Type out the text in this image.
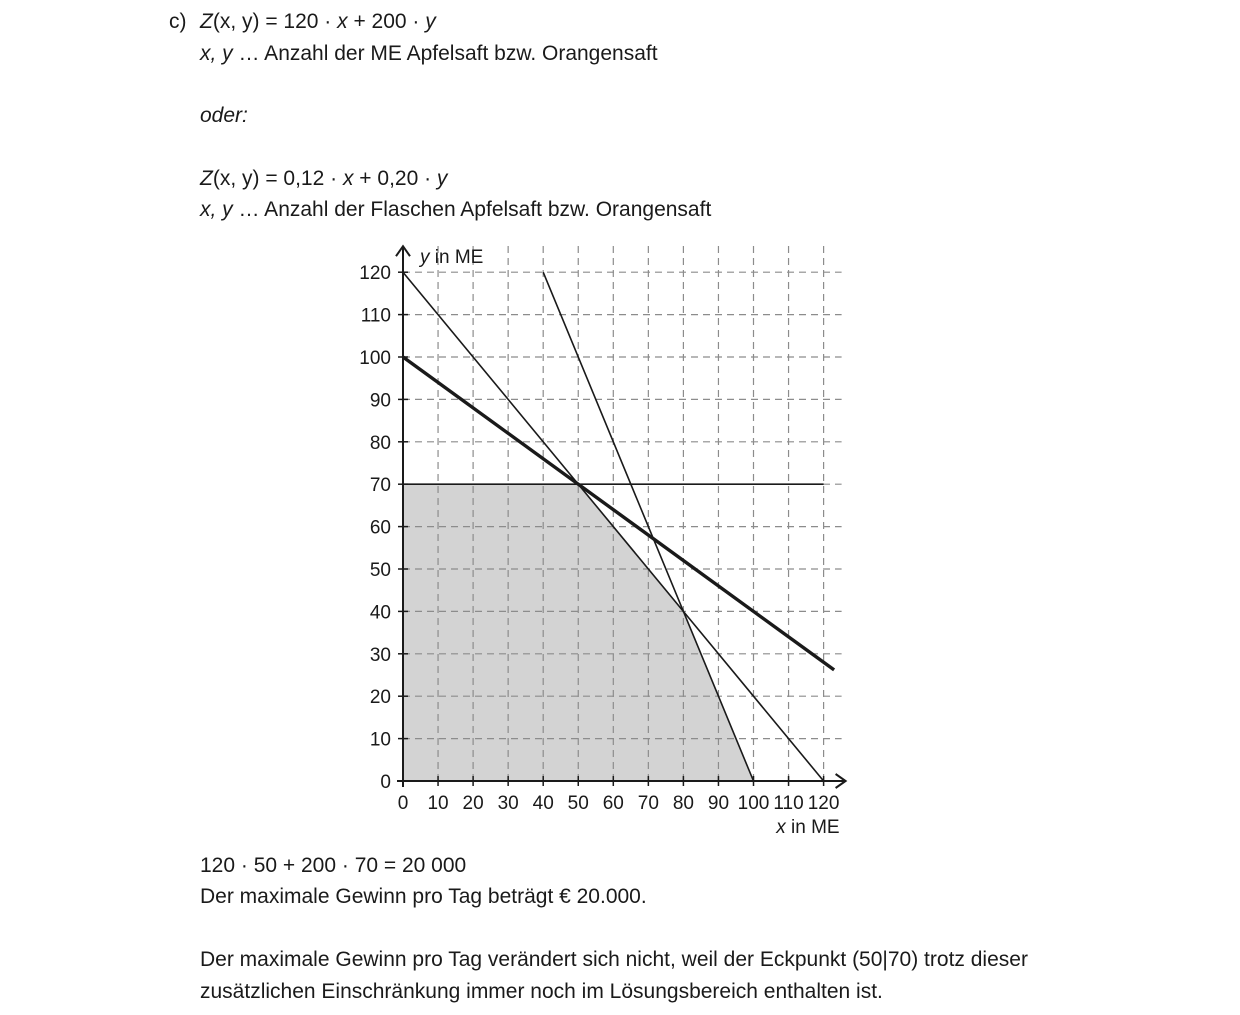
c) Z(x, y) = 120 · x + 200 · y
x, y … Anzahl der ME Apfelsaft bzw. Orangensaft
oder:
Z(x, y) = 0,12 · x + 0,20 · y
x, y … Anzahl der Flaschen Apfelsaft bzw. Orangensaft
0 10 20 30 40 50 60 70 80 90 100 110 120
0
10
20
30
40
50
60
70
80
90
100
110
120
y in ME
x in ME
120 · 50 + 200 · 70 = 20 000
Der maximale Gewinn pro Tag beträgt € 20.000.
Der maximale Gewinn pro Tag verändert sich nicht, weil der Eckpunkt (50|70) trotz dieser
zusätzlichen Einschränkung immer noch im Lösungsbereich enthalten ist.
